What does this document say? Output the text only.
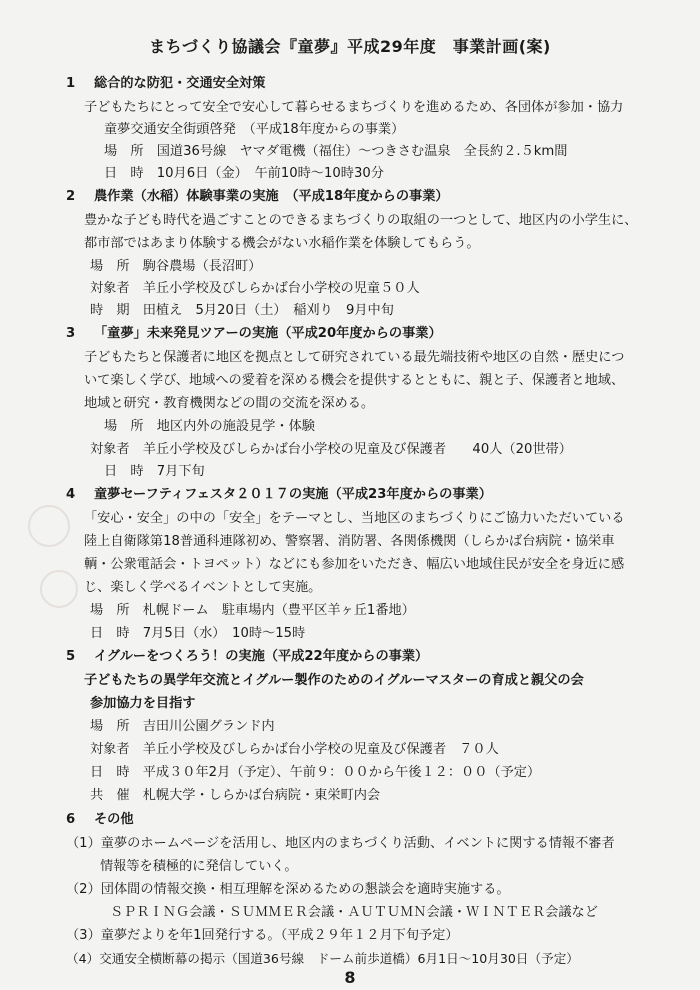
まちづくり協議会『童夢』平成29年度　事業計画(案)
1 総合的な防犯・交通安全対策
子どもたちにとって安全で安心して暮らせるまちづくりを進めるため、各団体が参加・協力
童夢交通安全街頭啓発　（平成18年度からの事業）
場　所　国道36号線　ヤマダ電機（福住）～つきさむ温泉　全長約２.５km間
日　時　10月6日（金）　午前10時～10時30分
2 農作業（水稲）体験事業の実施　（平成18年度からの事業）
豊かな子ども時代を過ごすことのできるまちづくりの取組の一つとして、地区内の小学生に、
都市部ではあまり体験する機会がない水稲作業を体験してもらう。
場　所　駒谷農場（長沼町）
対象者　羊丘小学校及びしらかば台小学校の児童５０人
時　期　田植え　5月20日（土）　稲刈り　9月中旬
3 「童夢」未来発見ツアーの実施（平成20年度からの事業）
子どもたちと保護者に地区を拠点として研究されている最先端技術や地区の自然・歴史につ
いて楽しく学び、地域への愛着を深める機会を提供するとともに、親と子、保護者と地域、
地域と研究・教育機関などの間の交流を深める。
場　所　地区内外の施設見学・体験
対象者　羊丘小学校及びしらかば台小学校の児童及び保護者　　40人（20世帯）
日　時　7月下旬
4 童夢セーフティフェスタ２０１７の実施（平成23年度からの事業）
「安心・安全」の中の「安全」をテーマとし、当地区のまちづくりにご協力いただいている
陸上自衛隊第18普通科連隊初め、警察署、消防署、各関係機関（しらかば台病院・協栄車
輌・公衆電話会・トヨペット）などにも参加をいただき、幅広い地域住民が安全を身近に感
じ、楽しく学べるイベントとして実施。
場　所　札幌ドーム　駐車場内（豊平区羊ヶ丘1番地）
日　時　7月5日（水）　10時～15時
5 イグルーをつくろう！の実施（平成22年度からの事業）
子どもたちの異学年交流とイグルー製作のためのイグルーマスターの育成と親父の会
参加協力を目指す
場　所　吉田川公園グランド内
対象者　羊丘小学校及びしらかば台小学校の児童及び保護者　７０人
日　時　平成３０年2月（予定）、午前９：００から午後１２：００（予定）
共　催　札幌大学・しらかば台病院・東栄町内会
6 その他
（1）童夢のホームページを活用し、地区内のまちづくり活動、イベントに関する情報不審者
情報等を積極的に発信していく。
（2）団体間の情報交換・相互理解を深めるための懇談会を適時実施する。
ＳＰＲＩＮＧ会議・ＳＵＭＭＥＲ会議・ＡＵＴＵＭＮ会議・ＷＩＮＴＥＲ会議など
（3）童夢だよりを年1回発行する。（平成２９年１２月下旬予定）
（4）交通安全横断幕の掲示（国道36号線　ドーム前歩道橋）6月1日～10月30日（予定）
8
